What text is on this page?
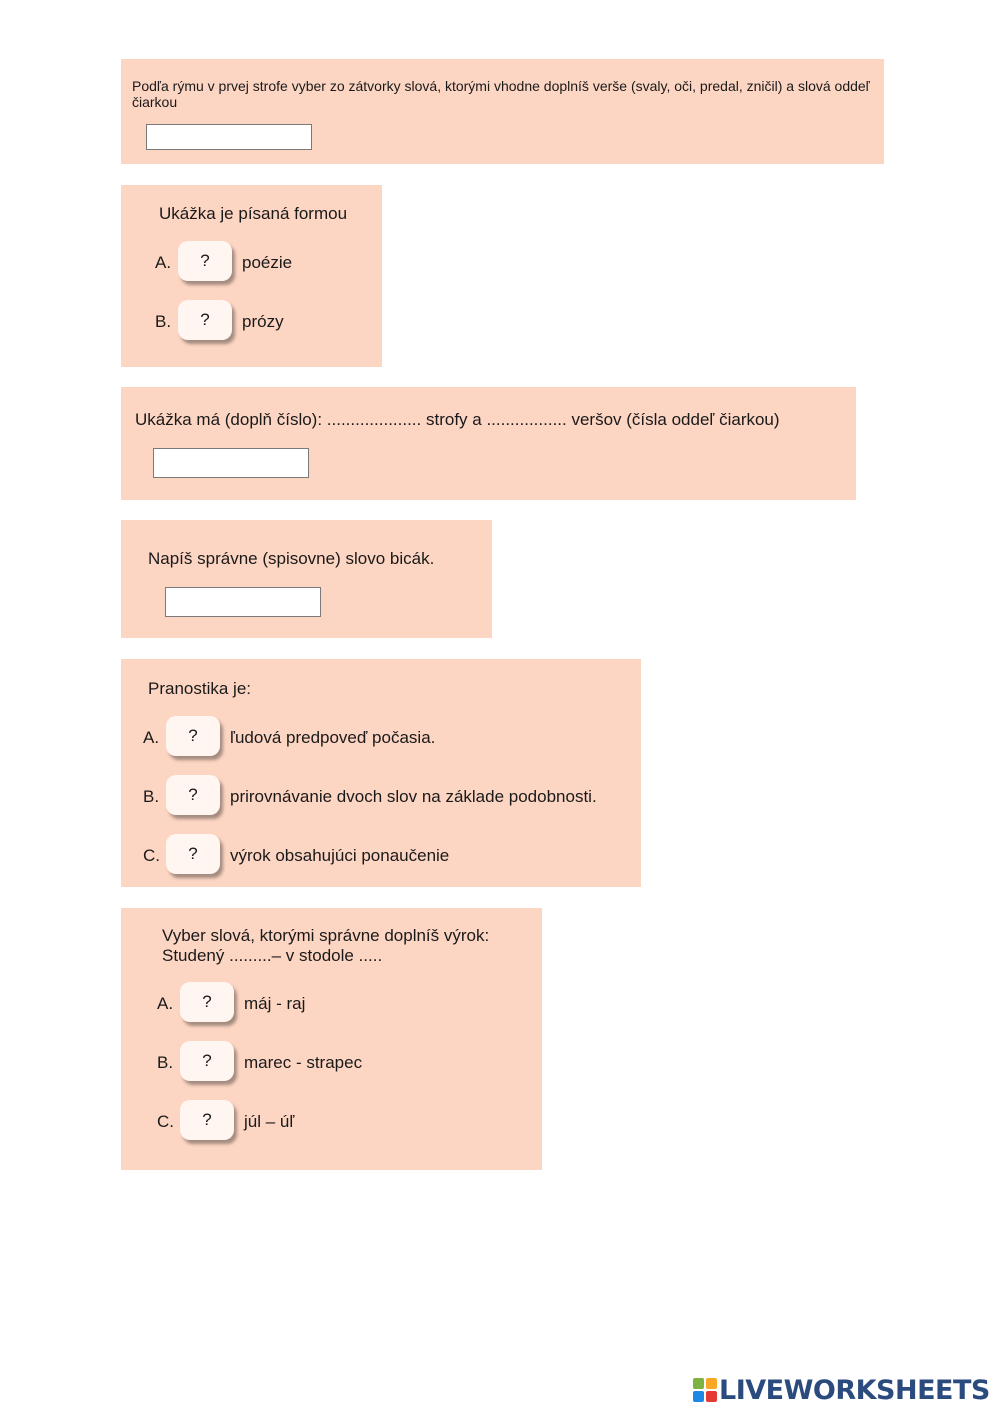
Podľa rýmu v prvej strofe vyber zo zátvorky slová, ktorými vhodne doplníš verše (svaly, oči, predal, zničil) a slová oddeľ čiarkou
Ukážka je písaná formou
A.	?	poézie
B.	?	prózy
Ukážka má (doplň číslo): .................... strofy a ................. veršov (čísla oddeľ čiarkou)
Napíš správne (spisovne) slovo bicák.
Pranostika je:
A.	?	ľudová predpoveď počasia.
B.	?	prirovnávanie dvoch slov na základe podobnosti.
C.	?	výrok obsahujúci ponaučenie
Vyber slová, ktorými správne doplníš výrok:
Studený .........– v stodole .....
A.	?	máj - raj
B.	?	marec - strapec
C.	?	júl – úľ
LIVEWORKSHEETS
